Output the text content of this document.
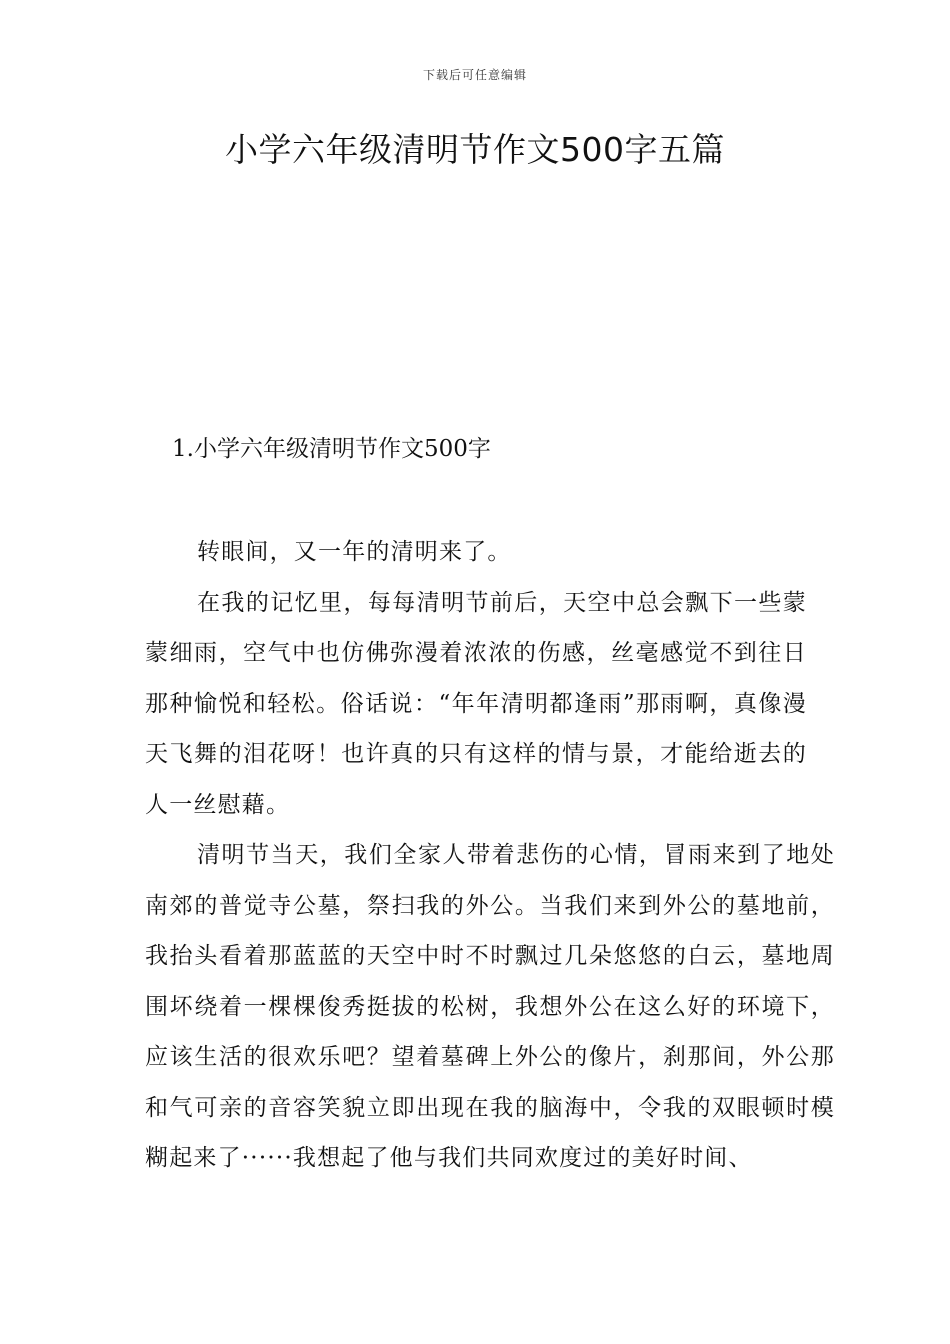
下载后可任意编辑
小学六年级清明节作文500字五篇
1.小学六年级清明节作文500字

转眼间，又一年的清明来了。

在我的记忆里，每每清明节前后，天空中总会飘下一些蒙蒙细雨，空气中也仿佛弥漫着浓浓的伤感，丝毫感觉不到往日那种愉悦和轻松。俗话说：“年年清明都逢雨”那雨啊，真像漫天飞舞的泪花呀！也许真的只有这样的情与景，才能给逝去的人一丝慰藉。

清明节当天，我们全家人带着悲伤的心情，冒雨来到了地处南郊的普觉寺公墓，祭扫我的外公。当我们来到外公的墓地前，我抬头看着那蓝蓝的天空中时不时飘过几朵悠悠的白云，墓地周围坏绕着一棵棵俊秀挺拔的松树，我想外公在这么好的环境下，应该生活的很欢乐吧？望着墓碑上外公的像片，刹那间，外公那和气可亲的音容笑貌立即出现在我的脑海中，令我的双眼顿时模糊起来了······我想起了他与我们共同欢度过的美好时间、
